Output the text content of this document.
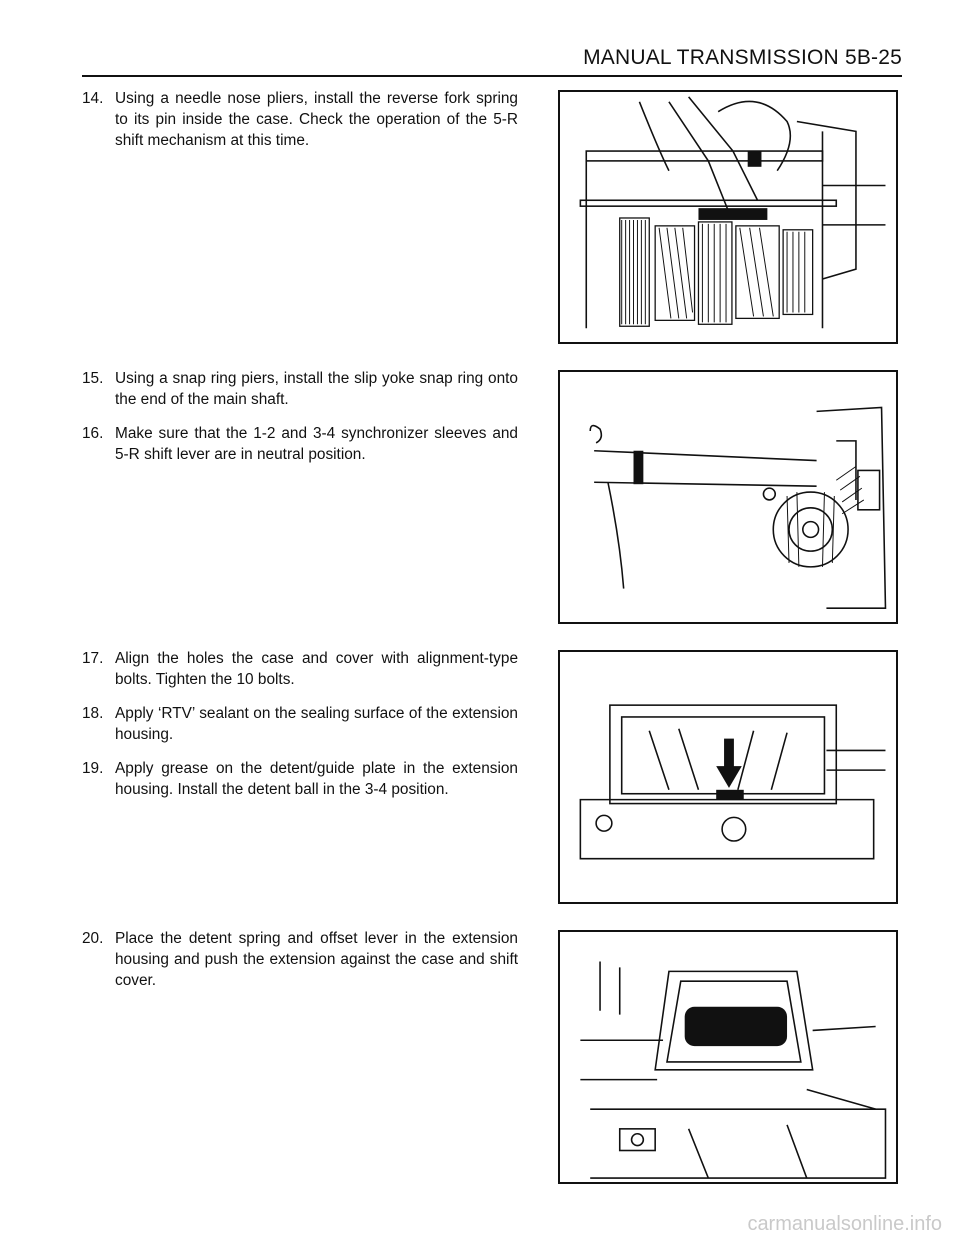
MANUAL TRANSMISSION 5B-25
14. Using a needle nose pliers, install the reverse fork spring to its pin inside the case. Check the operation of the 5-R shift mechanism at this time.
15. Using a snap ring piers, install the slip yoke snap ring onto the end of the main shaft.
16. Make sure that the 1-2 and 3-4 synchronizer sleeves and 5-R shift lever are in neutral position.
17. Align the holes the case and cover with alignment-type bolts. Tighten the 10 bolts.
18. Apply ‘RTV’ sealant on the sealing surface of the extension housing.
19. Apply grease on the detent/guide plate in the extension housing. Install the detent ball in the 3-4 position.
20. Place the detent spring and offset lever in the extension housing and push the extension against the case and shift cover.
carmanualsonline.info
